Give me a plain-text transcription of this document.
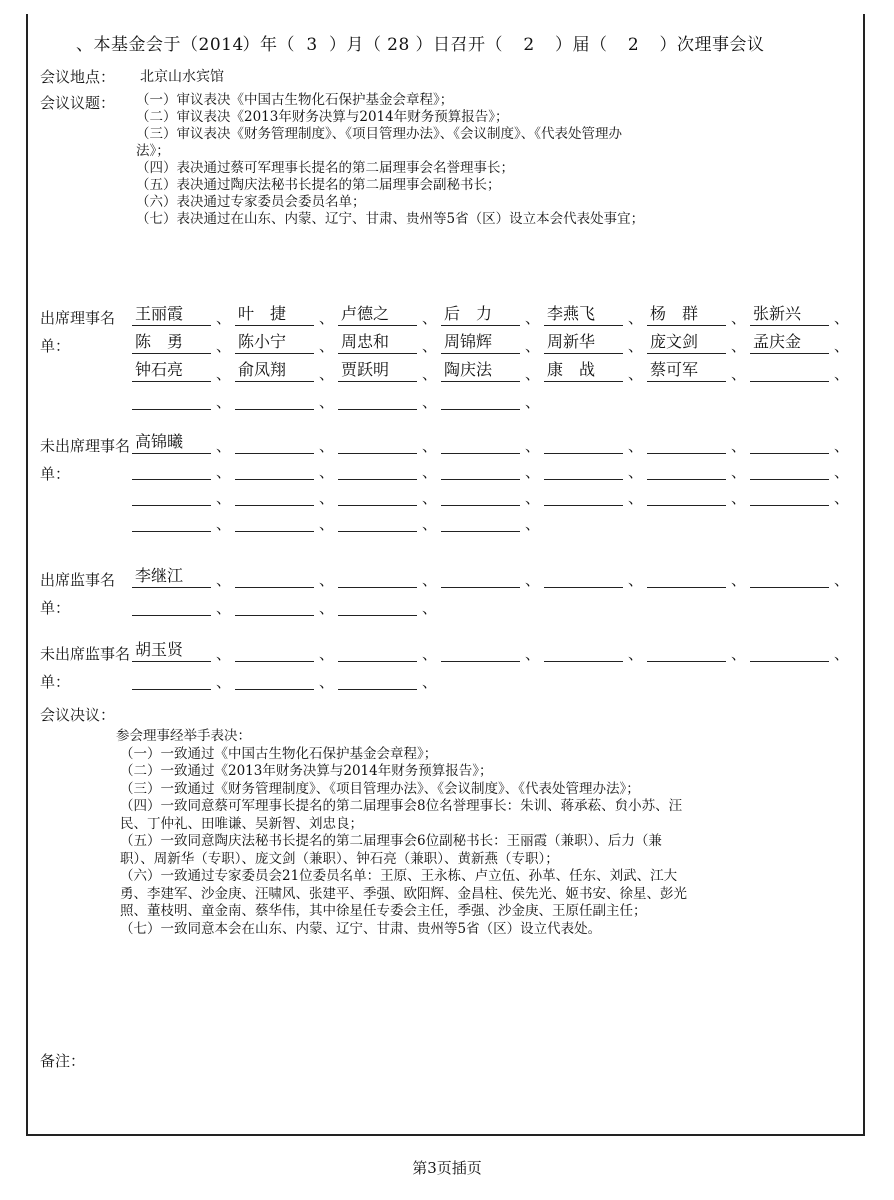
、本基金会于（2014）年（ 3 ）月（ 28 ）日召开（ 2 ）届（ 2 ）次理事会议
会议地点： 北京山水宾馆
会议议题： （一）审议表决《中国古生物化石保护基金会章程》；
（二）审议表决《2013年财务决算与2014年财务预算报告》；
（三）审议表决《财务管理制度》、《项目管理办法》、《会议制度》、《代表处管理办
法》；
（四）表决通过蔡可军理事长提名的第二届理事会名誉理事长；
（五）表决通过陶庆法秘书长提名的第二届理事会副秘书长；
（六）表决通过专家委员会委员名单；
（七）表决通过在山东、内蒙、辽宁、甘肃、贵州等5省（区）设立本会代表处事宜；
出席理事名单：
王丽霞	、 叶　捷	、 卢德之	、 后　力	、 李燕飞	、 杨　群	、 张新兴	、
陈　勇	、 陈小宁	、 周忠和	、 周锦辉	、 周新华	、 庞文剑	、 孟庆金	、
钟石亮	、 俞凤翔	、 贾跃明	、 陶庆法	、 康　战	、 蔡可军	、	、
、	、	、	、
未出席理事名单：
高锦曦	、	、	、	、	、	、	、
、	、	、	、	、	、	、
、	、	、	、	、	、	、
、	、	、	、
出席监事名单：
李继江	、	、	、	、	、	、	、
、	、	、
未出席监事名单：
胡玉贤	、	、	、	、	、	、	、
、	、	、
会议决议：
参会理事经举手表决：
（一）一致通过《中国古生物化石保护基金会章程》；
（二）一致通过《2013年财务决算与2014年财务预算报告》；
（三）一致通过《财务管理制度》、《项目管理办法》、《会议制度》、《代表处管理办法》；
（四）一致同意蔡可军理事长提名的第二届理事会8位名誉理事长：朱训、蒋承菘、贠小苏、汪
民、丁仲礼、田唯谦、吴新智、刘忠良；
（五）一致同意陶庆法秘书长提名的第二届理事会6位副秘书长：王丽霞（兼职）、后力（兼
职）、周新华（专职）、庞文剑（兼职）、钟石亮（兼职）、黄新燕（专职）；
（六）一致通过专家委员会21位委员名单：王原、王永栋、卢立伍、孙革、任东、刘武、江大
勇、李建军、沙金庚、汪啸风、张建平、季强、欧阳辉、金昌柱、侯先光、姬书安、徐星、彭光
照、董枝明、童金南、蔡华伟，其中徐星任专委会主任，季强、沙金庚、王原任副主任；
（七）一致同意本会在山东、内蒙、辽宁、甘肃、贵州等5省（区）设立代表处。
备注：
第3页插页
